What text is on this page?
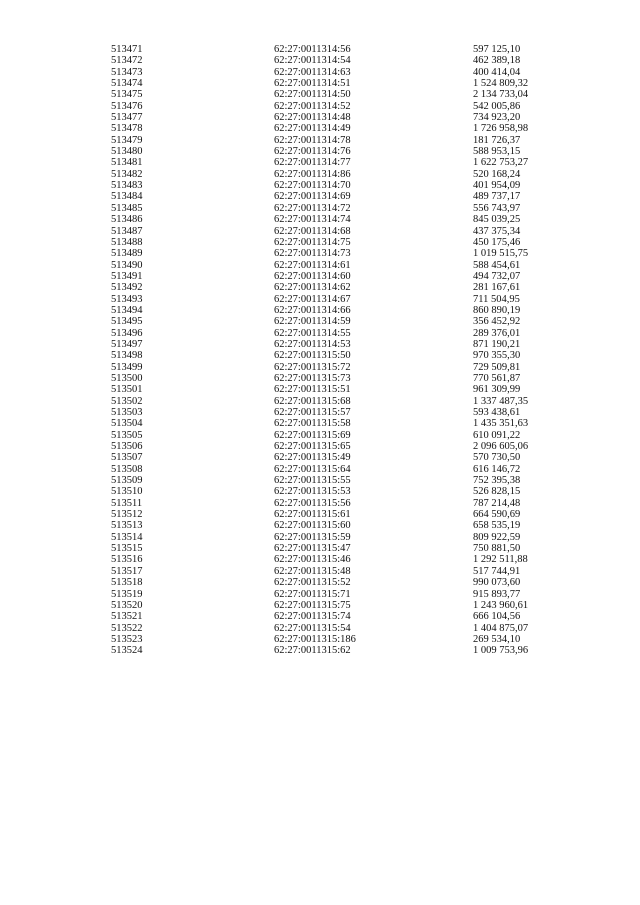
513471	62:27:0011314:56	597 125,10
513472	62:27:0011314:54	462 389,18
513473	62:27:0011314:63	400 414,04
513474	62:27:0011314:51	1 524 809,32
513475	62:27:0011314:50	2 134 733,04
513476	62:27:0011314:52	542 005,86
513477	62:27:0011314:48	734 923,20
513478	62:27:0011314:49	1 726 958,98
513479	62:27:0011314:78	181 726,37
513480	62:27:0011314:76	588 953,15
513481	62:27:0011314:77	1 622 753,27
513482	62:27:0011314:86	520 168,24
513483	62:27:0011314:70	401 954,09
513484	62:27:0011314:69	489 737,17
513485	62:27:0011314:72	556 743,97
513486	62:27:0011314:74	845 039,25
513487	62:27:0011314:68	437 375,34
513488	62:27:0011314:75	450 175,46
513489	62:27:0011314:73	1 019 515,75
513490	62:27:0011314:61	588 454,61
513491	62:27:0011314:60	494 732,07
513492	62:27:0011314:62	281 167,61
513493	62:27:0011314:67	711 504,95
513494	62:27:0011314:66	860 890,19
513495	62:27:0011314:59	356 452,92
513496	62:27:0011314:55	289 376,01
513497	62:27:0011314:53	871 190,21
513498	62:27:0011315:50	970 355,30
513499	62:27:0011315:72	729 509,81
513500	62:27:0011315:73	770 561,87
513501	62:27:0011315:51	961 309,99
513502	62:27:0011315:68	1 337 487,35
513503	62:27:0011315:57	593 438,61
513504	62:27:0011315:58	1 435 351,63
513505	62:27:0011315:69	610 091,22
513506	62:27:0011315:65	2 096 605,06
513507	62:27:0011315:49	570 730,50
513508	62:27:0011315:64	616 146,72
513509	62:27:0011315:55	752 395,38
513510	62:27:0011315:53	526 828,15
513511	62:27:0011315:56	787 214,48
513512	62:27:0011315:61	664 590,69
513513	62:27:0011315:60	658 535,19
513514	62:27:0011315:59	809 922,59
513515	62:27:0011315:47	750 881,50
513516	62:27:0011315:46	1 292 511,88
513517	62:27:0011315:48	517 744,91
513518	62:27:0011315:52	990 073,60
513519	62:27:0011315:71	915 893,77
513520	62:27:0011315:75	1 243 960,61
513521	62:27:0011315:74	666 104,56
513522	62:27:0011315:54	1 404 875,07
513523	62:27:0011315:186	269 534,10
513524	62:27:0011315:62	1 009 753,96
